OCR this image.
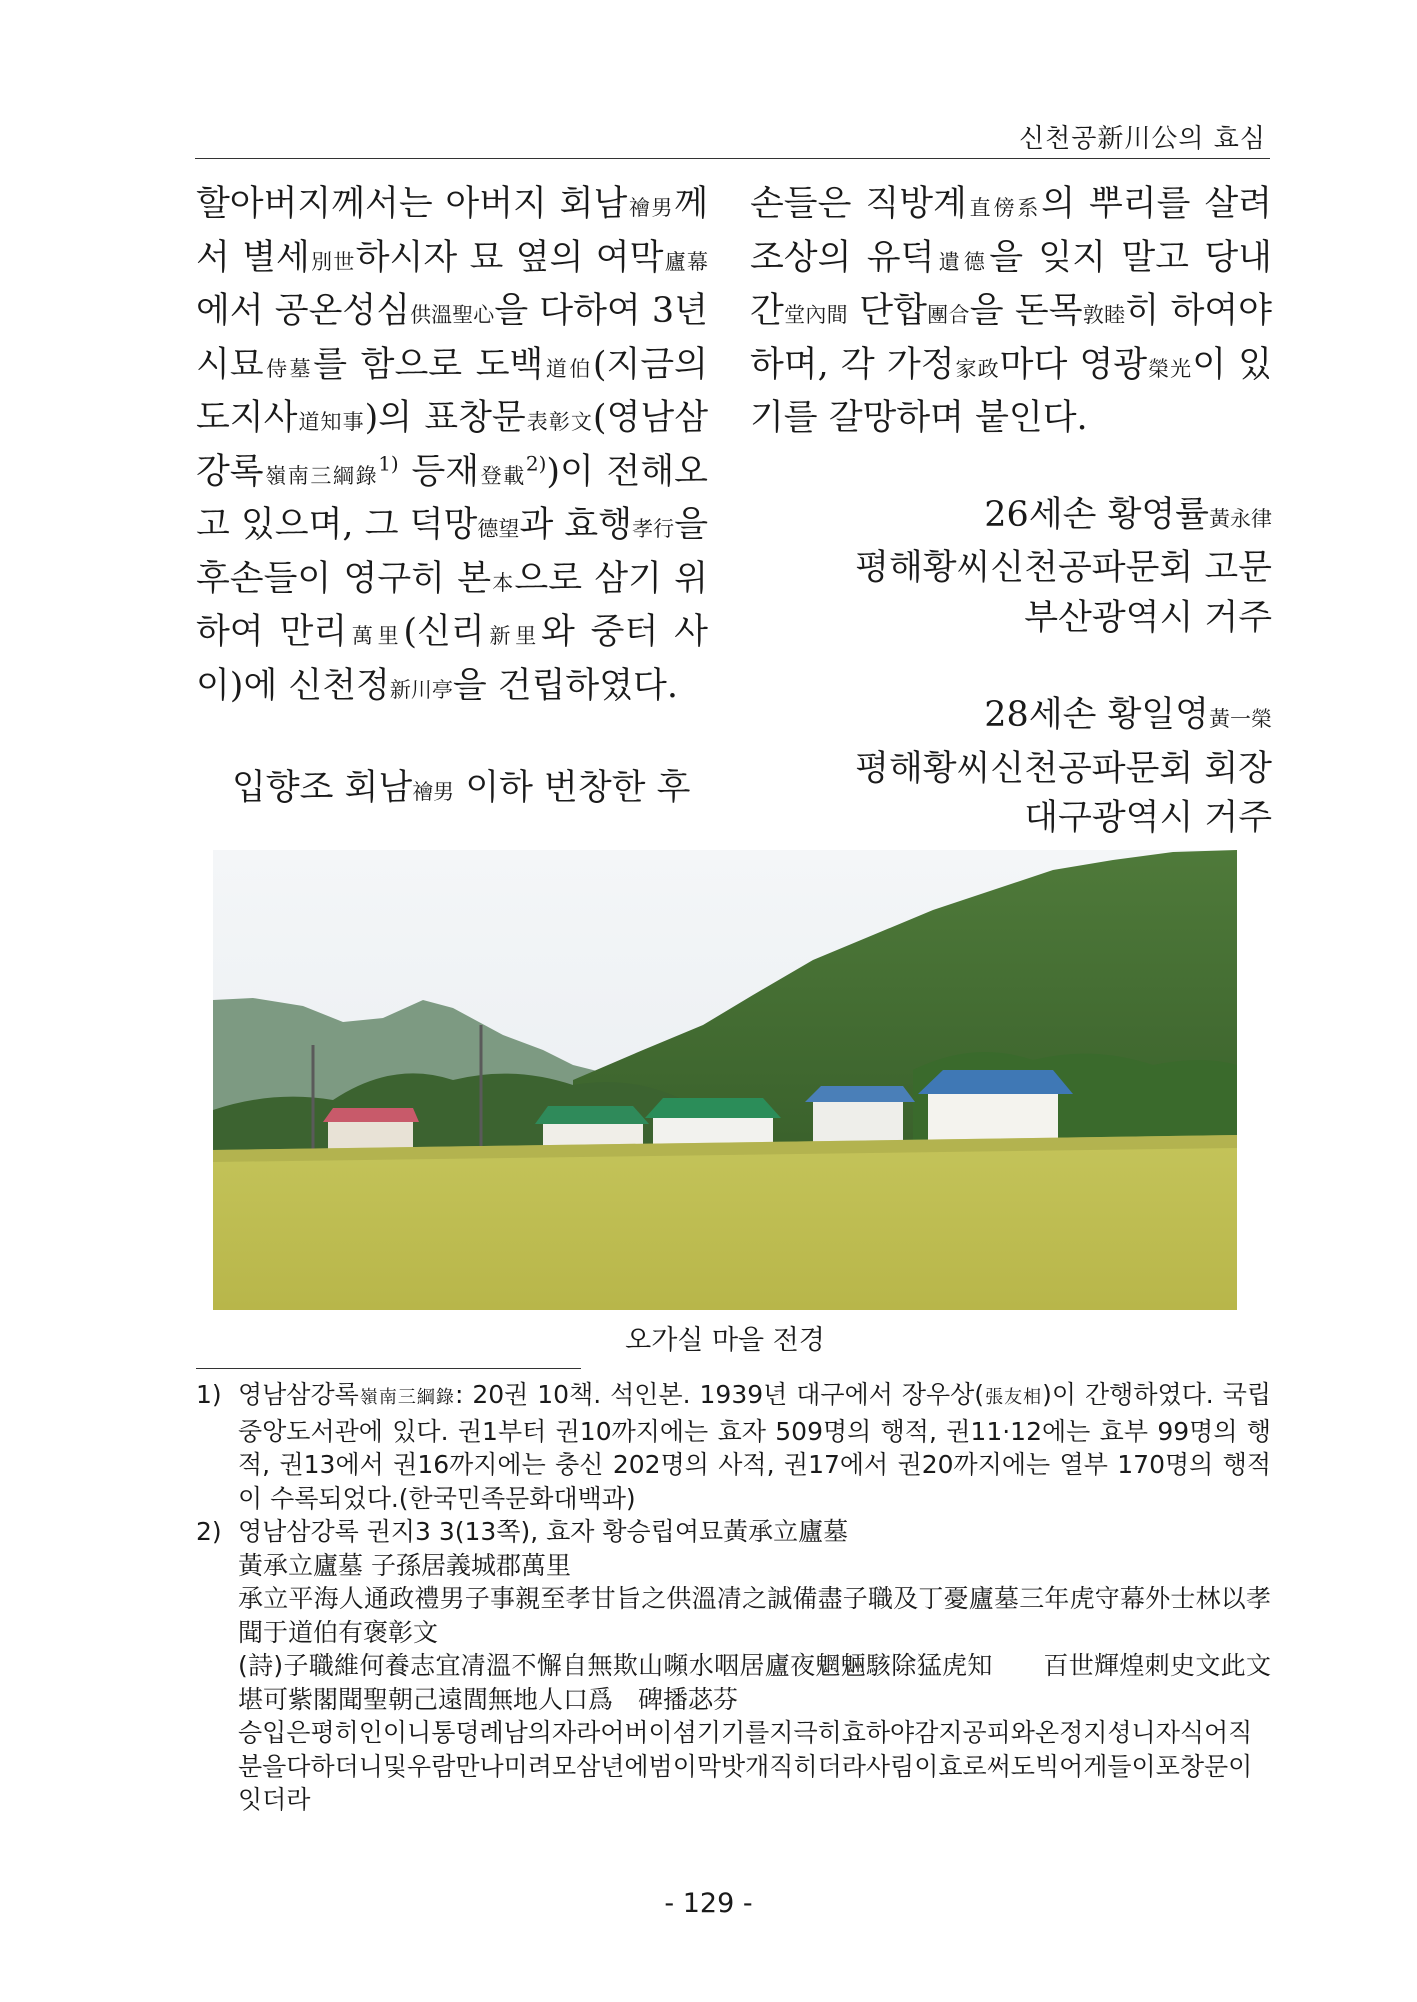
신천공新川公의 효심

할아버지께서는 아버지 회남禬男께서 별세別世하시자 묘 옆의 여막廬幕에서 공온성심供溫聖心을 다하여 3년 시묘侍墓를 함으로 도백道伯(지금의 도지사道知事)의 표창문表彰文(영남삼강록嶺南三綱錄$^{1)}$ 등재登載$^{2)}$)이 전해오고 있으며, 그 덕망德望과 효행孝行을 후손들이 영구히 본本으로 삼기 위하여 만리萬里(신리新里와 중터 사이)에 신천정新川亭을 건립하였다.

입향조 회남禬男 이하 번창한 후

손들은 직방계直傍系의 뿌리를 살려 조상의 유덕遺德을 잊지 말고 당내간堂內間 단합團合을 돈목敦睦히 하여야 하며, 각 가정家政마다 영광榮光이 있기를 갈망하며 붙인다.

26세손 황영률黃永律

평해황씨신천공파문회 고문

부산광역시 거주

28세손 황일영黃一榮

평해황씨신천공파문회 회장

대구광역시 거주

오가실 마을 전경
1) 영남삼강록嶺南三綱錄: 20권 10책. 석인본. 1939년 대구에서 장우상(張友相)이 간행하였다. 국립중앙도서관에 있다. 권1부터 권10까지에는 효자 509명의 행적, 권11·12에는 효부 99명의 행적, 권13에서 권16까지에는 충신 202명의 사적, 권17에서 권20까지에는 열부 170명의 행적이 수록되었다.(한국민족문화대백과)

2) 영남삼강록 권지3 3(13쪽), 효자 황승립여묘黃承立廬墓

黃承立廬墓 子孫居義城郡萬里

承立平海人通政禮男子事親至孝甘旨之供溫凊之誠備盡子職及丁憂廬墓三年虎守幕外士林以孝聞于道伯有褒彰文

(詩)子職維何養志宜凊溫不懈自無欺山嚬水咽居廬夜魍魎駭除猛虎知　　百世輝煌刺史文此文堪可紫閣聞聖朝己遠閭無地人口爲　碑播苾芬

승입은평히인이니통뎡례남의자라어버이셤기기를지극히효하야감지공피와온정지셩니자식어직분을다하더니및우람만나미려모삼년에범이막밧개직히더라사림이효로써도빅어게들이포창문이잇더라

- 129 -
